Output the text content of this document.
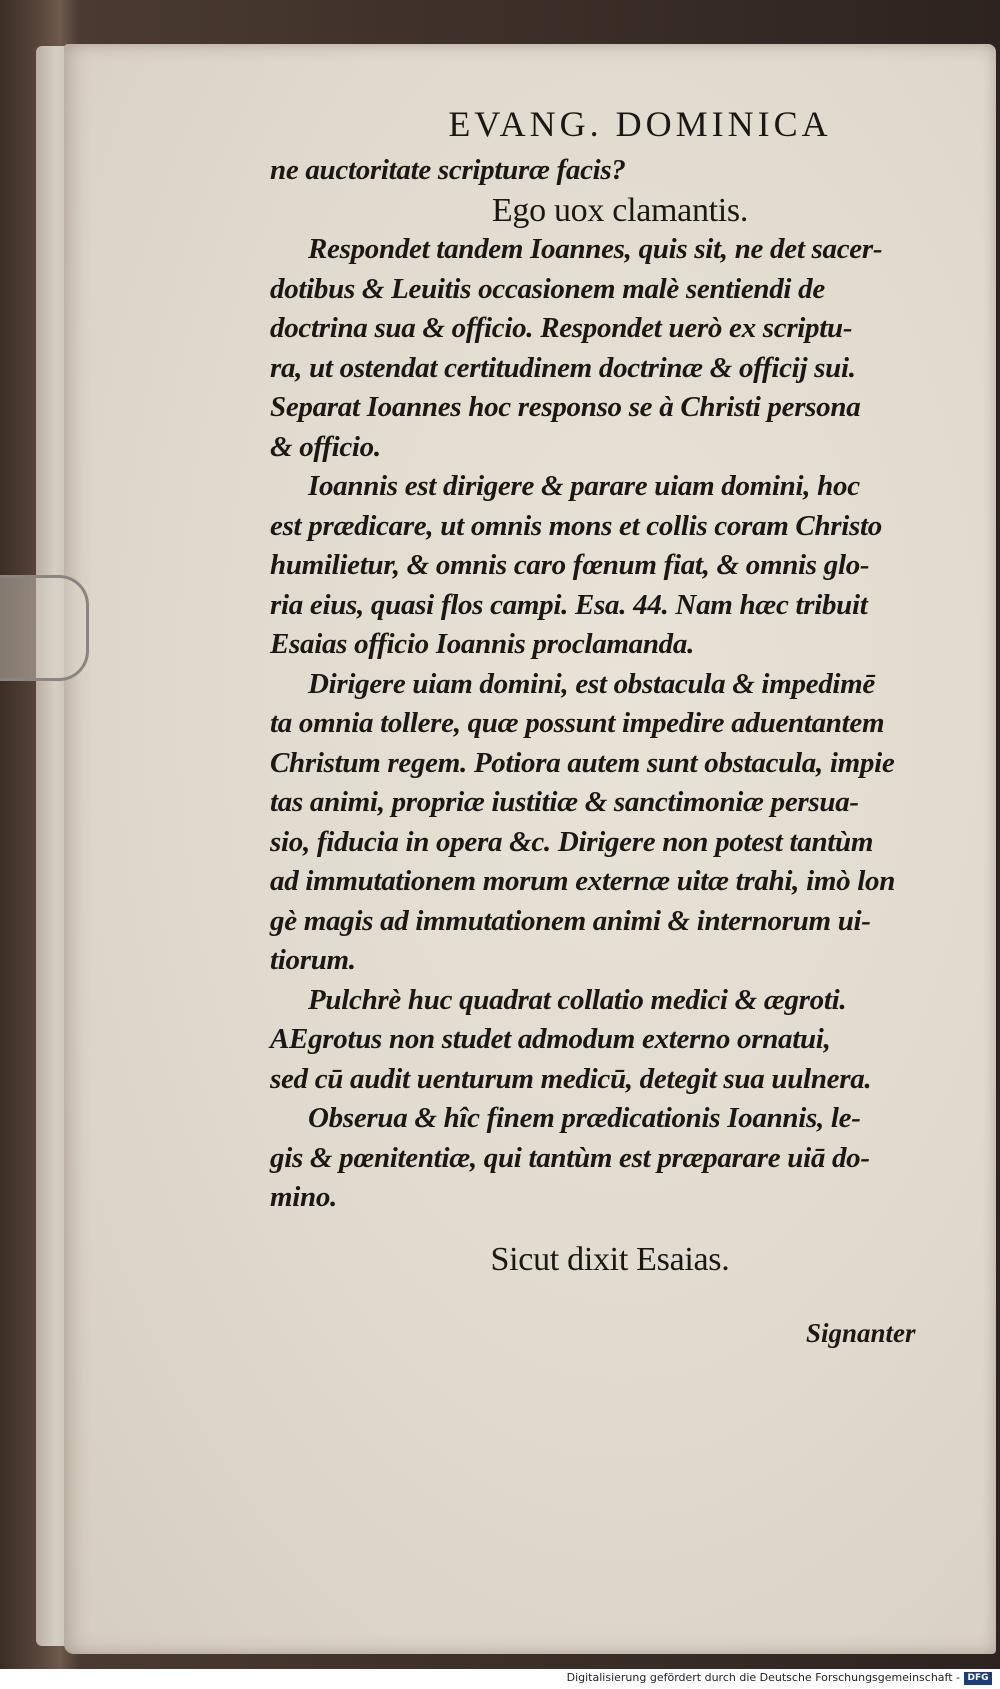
EVANG. DOMINICA
ne auctoritate scripturæ facis?
Ego uox clamantis.
Respondet tandem Ioannes, quis sit, ne det sacer-
dotibus & Leuitis occasionem malè sentiendi de
doctrina sua & officio. Respondet uerò ex scriptu-
ra, ut ostendat certitudinem doctrinæ & officij sui.
Separat Ioannes hoc responso se à Christi persona
& officio.
Ioannis est dirigere & parare uiam domini, hoc
est prædicare, ut omnis mons et collis coram Christo
humilietur, & omnis caro fœnum fiat, & omnis glo-
ria eius, quasi flos campi. Esa. 44. Nam hæc tribuit
Esaias officio Ioannis proclamanda.
Dirigere uiam domini, est obstacula & impedimē
ta omnia tollere, quæ possunt impedire aduentantem
Christum regem. Potiora autem sunt obstacula, impie
tas animi, propriæ iustitiæ & sanctimoniæ persua-
sio, fiducia in opera &c. Dirigere non potest tantùm
ad immutationem morum externæ uitæ trahi, imò lon
gè magis ad immutationem animi & internorum ui-
tiorum.
Pulchrè huc quadrat collatio medici & ægroti.
AEgrotus non studet admodum externo ornatui,
sed cū audit uenturum medicū, detegit sua uulnera.
Obserua & hîc finem prædicationis Ioannis, le-
gis & pœnitentiæ, qui tantùm est præparare uiā do-
mino.
Sicut dixit Esaias.
Signanter
Digitalisierung gefördert durch die Deutsche Forschungsgemeinschaft - DFG
